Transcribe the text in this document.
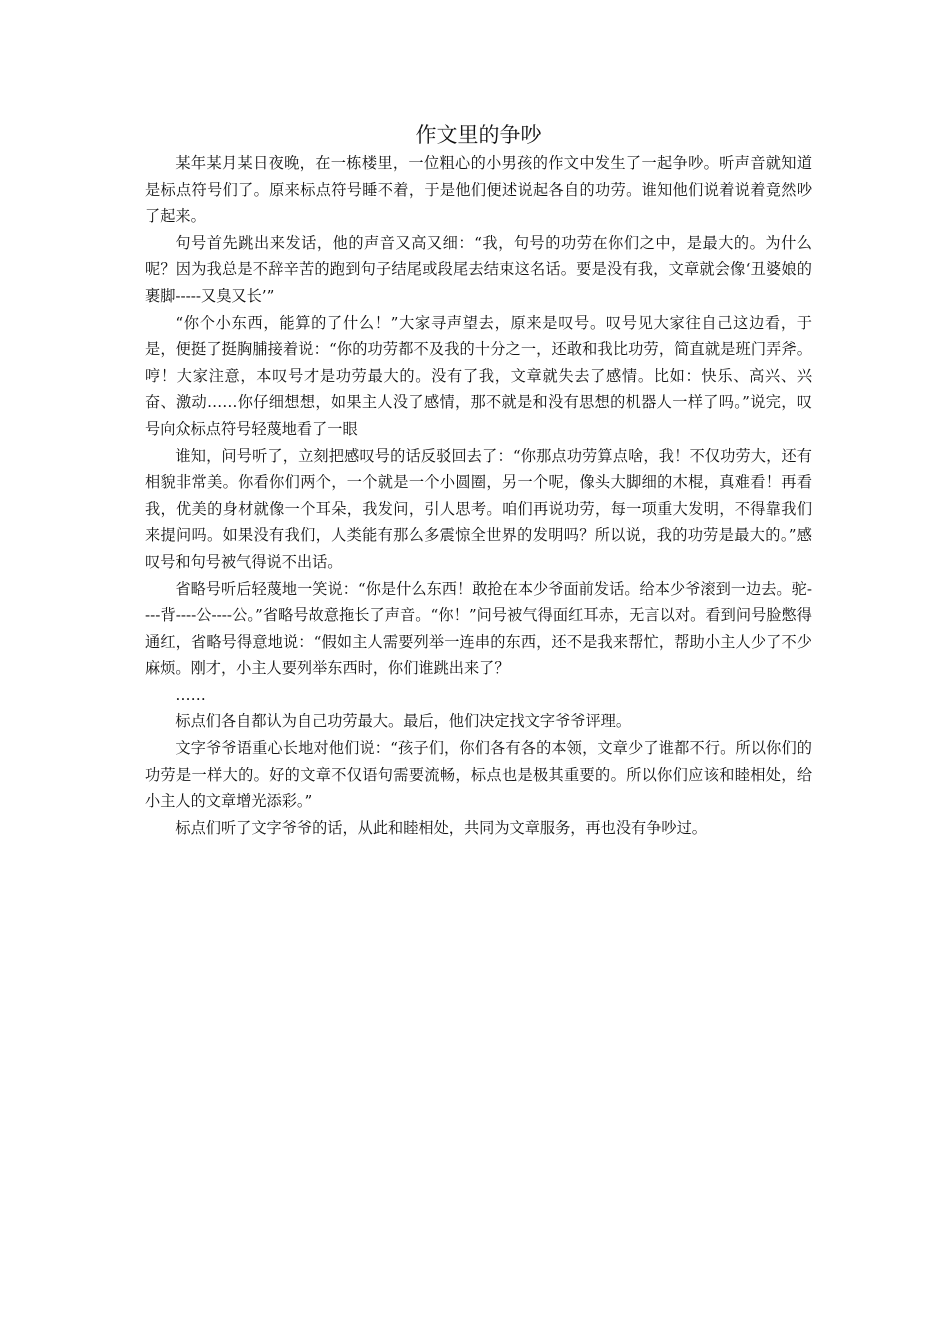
作文里的争吵

某年某月某日夜晚，在一栋楼里，一位粗心的小男孩的作文中发生了一起争吵。听声音就知道是标点符号们了。原来标点符号睡不着，于是他们便述说起各自的功劳。谁知他们说着说着竟然吵了起来。

句号首先跳出来发话，他的声音又高又细：“我，句号的功劳在你们之中，是最大的。为什么呢？因为我总是不辞辛苦的跑到句子结尾或段尾去结束这名话。要是没有我，文章就会像‘丑婆娘的裹脚-----又臭又长’”

“你个小东西，能算的了什么！”大家寻声望去，原来是叹号。叹号见大家往自己这边看，于是，便挺了挺胸脯接着说：“你的功劳都不及我的十分之一，还敢和我比功劳，简直就是班门弄斧。哼！大家注意，本叹号才是功劳最大的。没有了我，文章就失去了感情。比如：快乐、高兴、兴奋、激动……你仔细想想，如果主人没了感情，那不就是和没有思想的机器人一样了吗。”说完，叹号向众标点符号轻蔑地看了一眼

谁知，问号听了，立刻把感叹号的话反驳回去了：“你那点功劳算点啥，我！不仅功劳大，还有相貌非常美。你看你们两个，一个就是一个小圆圈，另一个呢，像头大脚细的木棍，真难看！再看我，优美的身材就像一个耳朵，我发问，引人思考。咱们再说功劳，每一项重大发明，不得靠我们来提问吗。如果没有我们，人类能有那么多震惊全世界的发明吗？所以说，我的功劳是最大的。”感叹号和句号被气得说不出话。

省略号听后轻蔑地一笑说：“你是什么东西！敢抢在本少爷面前发话。给本少爷滚到一边去。驼----背----公----公。”省略号故意拖长了声音。“你！”问号被气得面红耳赤，无言以对。看到问号脸憋得通红，省略号得意地说：“假如主人需要列举一连串的东西，还不是我来帮忙，帮助小主人少了不少麻烦。刚才，小主人要列举东西时，你们谁跳出来了？

……

标点们各自都认为自己功劳最大。最后，他们决定找文字爷爷评理。

文字爷爷语重心长地对他们说：“孩子们，你们各有各的本领，文章少了谁都不行。所以你们的功劳是一样大的。好的文章不仅语句需要流畅，标点也是极其重要的。所以你们应该和睦相处，给小主人的文章增光添彩。”

标点们听了文字爷爷的话，从此和睦相处，共同为文章服务，再也没有争吵过。
